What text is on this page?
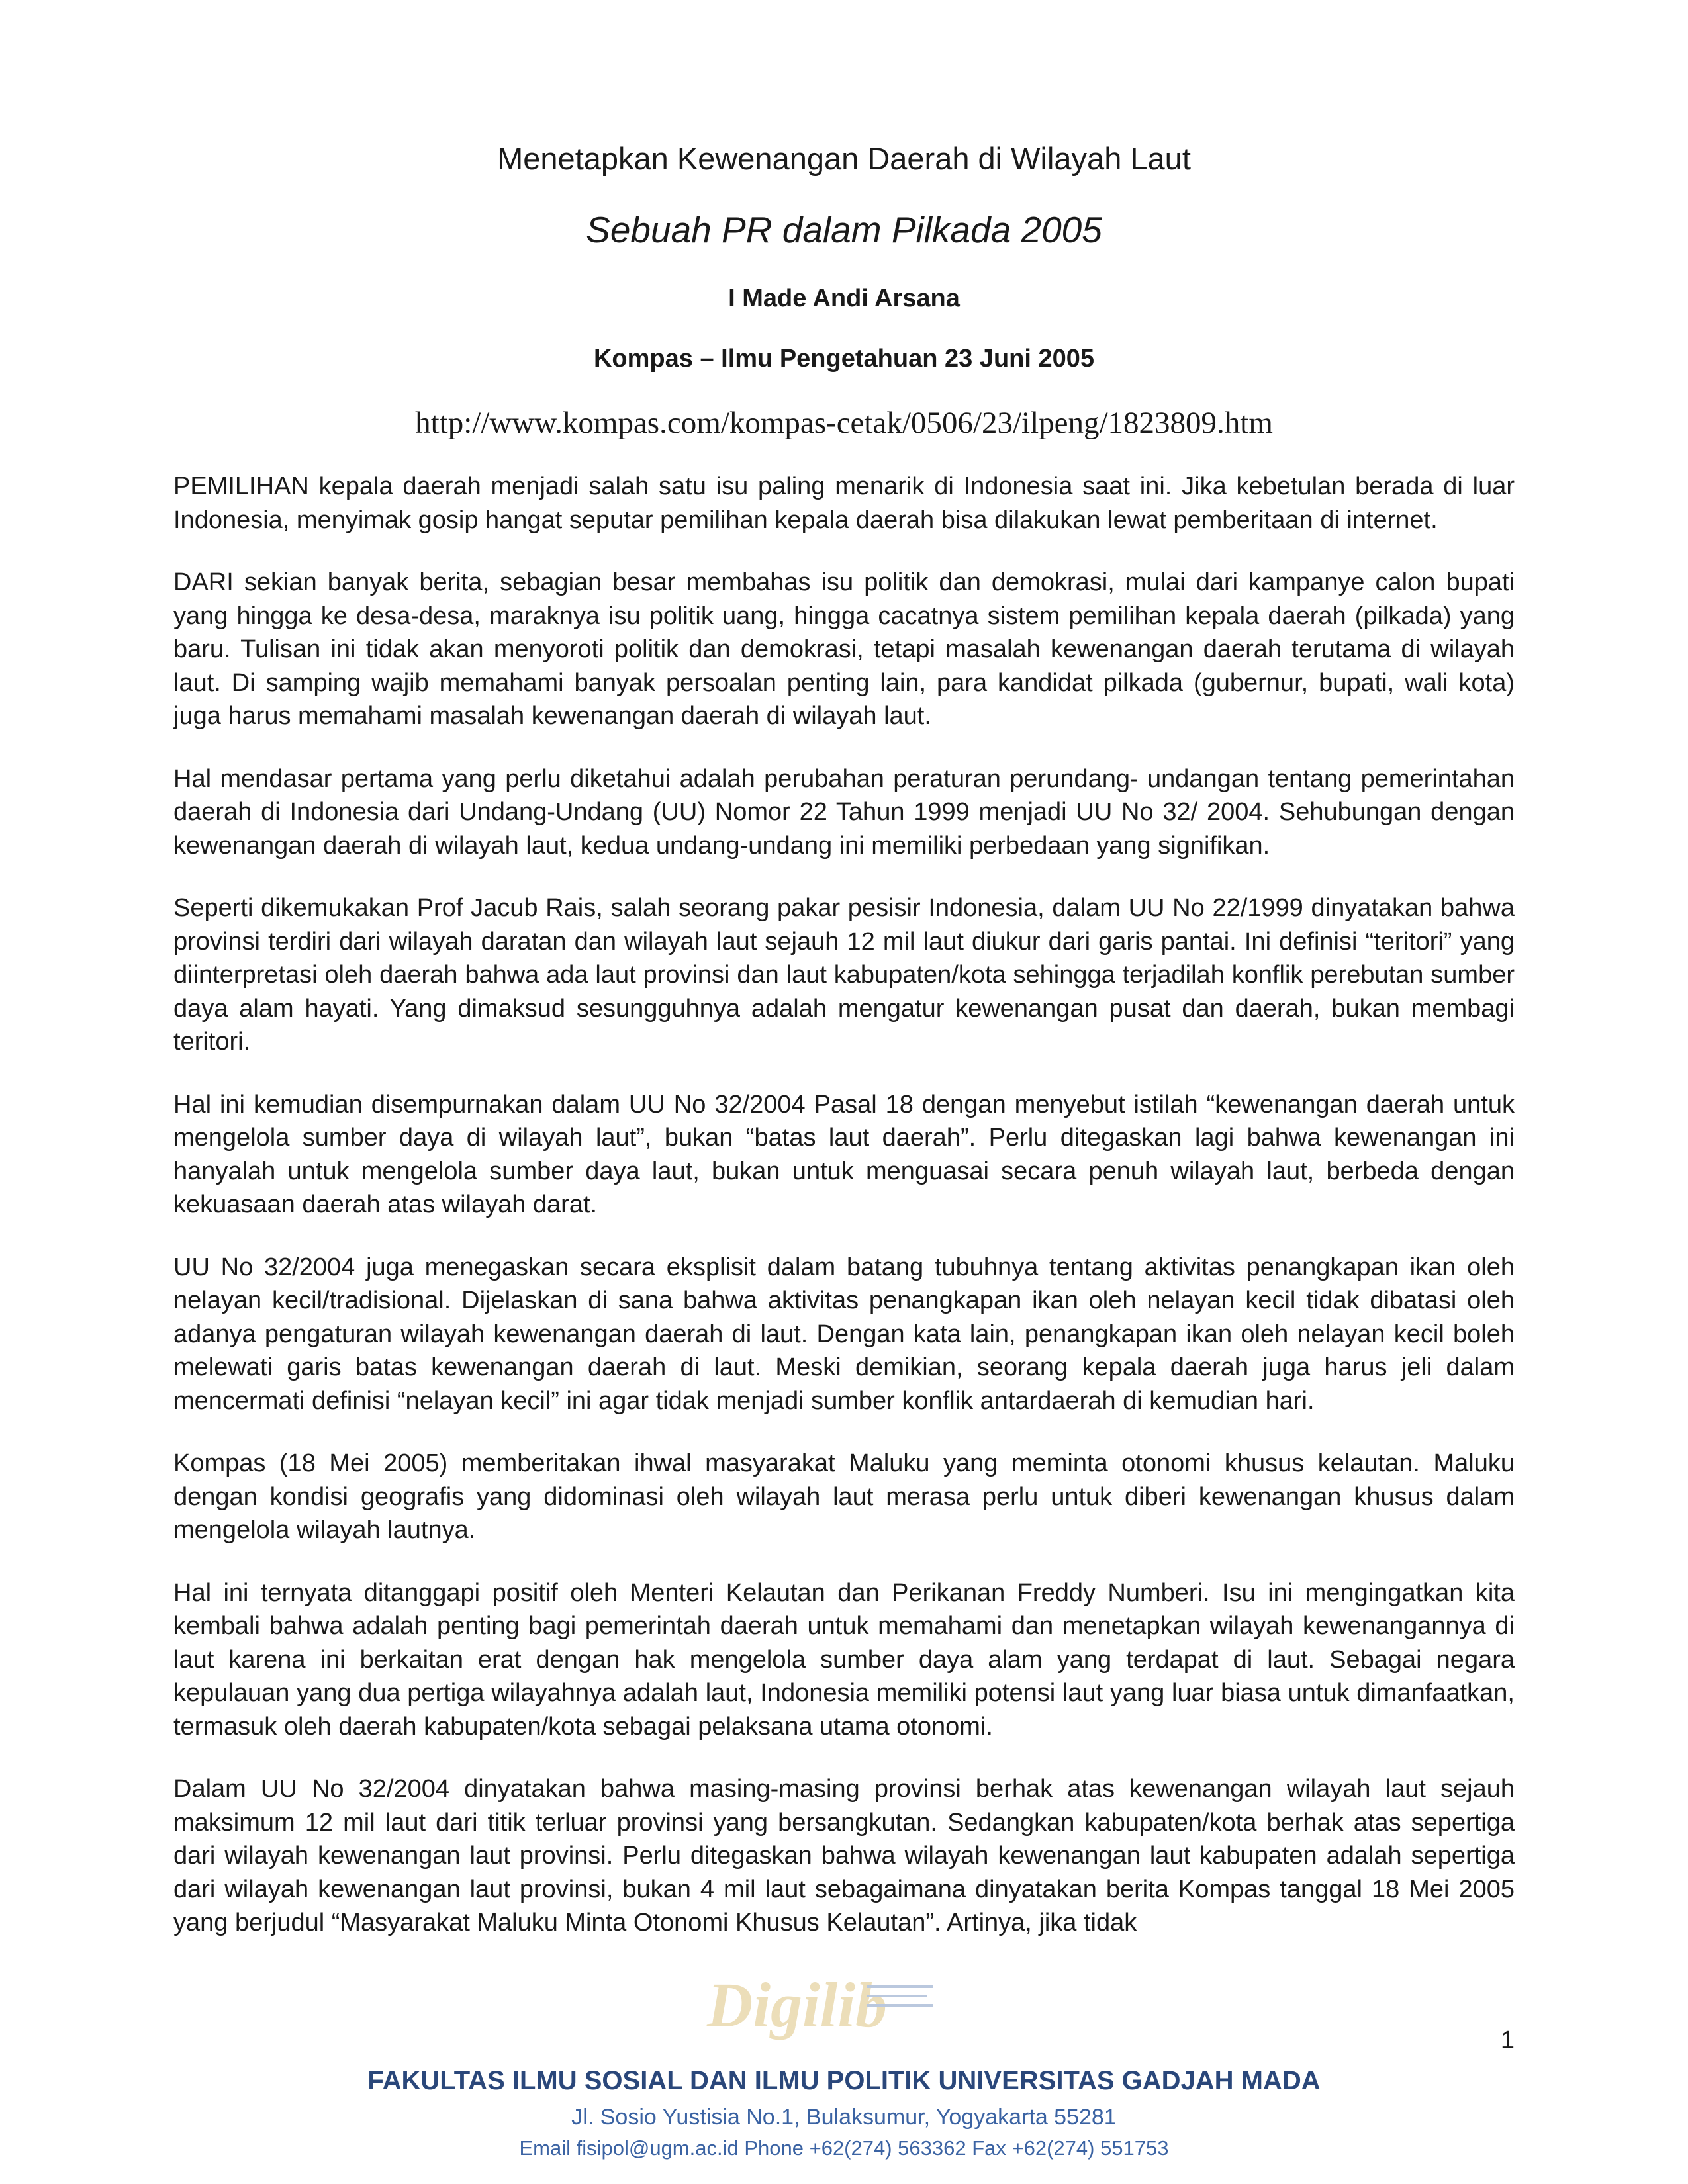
Menetapkan Kewenangan Daerah di Wilayah Laut
Sebuah PR dalam Pilkada 2005
I Made Andi Arsana
Kompas – Ilmu Pengetahuan 23 Juni 2005
http://www.kompas.com/kompas-cetak/0506/23/ilpeng/1823809.htm

PEMILIHAN kepala daerah menjadi salah satu isu paling menarik di Indonesia saat ini. Jika kebetulan berada di luar Indonesia, menyimak gosip hangat seputar pemilihan kepala daerah bisa dilakukan lewat pemberitaan di internet.

DARI sekian banyak berita, sebagian besar membahas isu politik dan demokrasi, mulai dari kampanye calon bupati yang hingga ke desa-desa, maraknya isu politik uang, hingga cacatnya sistem pemilihan kepala daerah (pilkada) yang baru. Tulisan ini tidak akan menyoroti politik dan demokrasi, tetapi masalah kewenangan daerah terutama di wilayah laut. Di samping wajib memahami banyak persoalan penting lain, para kandidat pilkada (gubernur, bupati, wali kota) juga harus memahami masalah kewenangan daerah di wilayah laut.

Hal mendasar pertama yang perlu diketahui adalah perubahan peraturan perundang- undangan tentang pemerintahan daerah di Indonesia dari Undang-Undang (UU) Nomor 22 Tahun 1999 menjadi UU No 32/ 2004. Sehubungan dengan kewenangan daerah di wilayah laut, kedua undang-undang ini memiliki perbedaan yang signifikan.

Seperti dikemukakan Prof Jacub Rais, salah seorang pakar pesisir Indonesia, dalam UU No 22/1999 dinyatakan bahwa provinsi terdiri dari wilayah daratan dan wilayah laut sejauh 12 mil laut diukur dari garis pantai. Ini definisi “teritori” yang diinterpretasi oleh daerah bahwa ada laut provinsi dan laut kabupaten/kota sehingga terjadilah konflik perebutan sumber daya alam hayati. Yang dimaksud sesungguhnya adalah mengatur kewenangan pusat dan daerah, bukan membagi teritori.

Hal ini kemudian disempurnakan dalam UU No 32/2004 Pasal 18 dengan menyebut istilah “kewenangan daerah untuk mengelola sumber daya di wilayah laut”, bukan “batas laut daerah”. Perlu ditegaskan lagi bahwa kewenangan ini hanyalah untuk mengelola sumber daya laut, bukan untuk menguasai secara penuh wilayah laut, berbeda dengan kekuasaan daerah atas wilayah darat.

UU No 32/2004 juga menegaskan secara eksplisit dalam batang tubuhnya tentang aktivitas penangkapan ikan oleh nelayan kecil/tradisional. Dijelaskan di sana bahwa aktivitas penangkapan ikan oleh nelayan kecil tidak dibatasi oleh adanya pengaturan wilayah kewenangan daerah di laut. Dengan kata lain, penangkapan ikan oleh nelayan kecil boleh melewati garis batas kewenangan daerah di laut. Meski demikian, seorang kepala daerah juga harus jeli dalam mencermati definisi “nelayan kecil” ini agar tidak menjadi sumber konflik antardaerah di kemudian hari.

Kompas (18 Mei 2005) memberitakan ihwal masyarakat Maluku yang meminta otonomi khusus kelautan. Maluku dengan kondisi geografis yang didominasi oleh wilayah laut merasa perlu untuk diberi kewenangan khusus dalam mengelola wilayah lautnya.

Hal ini ternyata ditanggapi positif oleh Menteri Kelautan dan Perikanan Freddy Numberi. Isu ini mengingatkan kita kembali bahwa adalah penting bagi pemerintah daerah untuk memahami dan menetapkan wilayah kewenangannya di laut karena ini berkaitan erat dengan hak mengelola sumber daya alam yang terdapat di laut. Sebagai negara kepulauan yang dua pertiga wilayahnya adalah laut, Indonesia memiliki potensi laut yang luar biasa untuk dimanfaatkan, termasuk oleh daerah kabupaten/kota sebagai pelaksana utama otonomi.

Dalam UU No 32/2004 dinyatakan bahwa masing-masing provinsi berhak atas kewenangan wilayah laut sejauh maksimum 12 mil laut dari titik terluar provinsi yang bersangkutan. Sedangkan kabupaten/kota berhak atas sepertiga dari wilayah kewenangan laut provinsi. Perlu ditegaskan bahwa wilayah kewenangan laut kabupaten adalah sepertiga dari wilayah kewenangan laut provinsi, bukan 4 mil laut sebagaimana dinyatakan berita Kompas tanggal 18 Mei 2005 yang berjudul “Masyarakat Maluku Minta Otonomi Khusus Kelautan”. Artinya, jika tidak

Digilib	1
FAKULTAS ILMU SOSIAL DAN ILMU POLITIK UNIVERSITAS GADJAH MADA
Jl. Sosio Yustisia No.1, Bulaksumur, Yogyakarta 55281
Email fisipol@ugm.ac.id Phone +62(274) 563362 Fax +62(274) 551753
